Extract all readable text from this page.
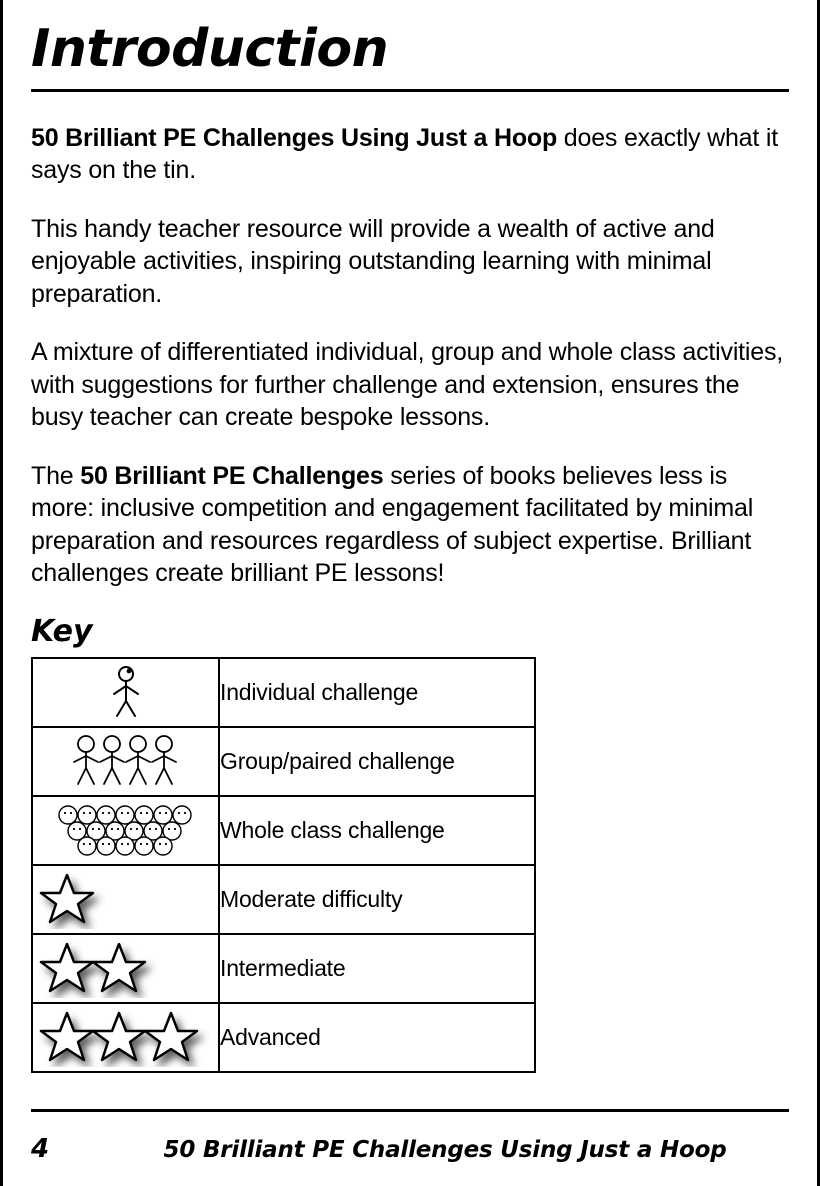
Introduction

50 Brilliant PE Challenges Using Just a Hoop does exactly what it says on the tin.

This handy teacher resource will provide a wealth of active and enjoyable activities, inspiring outstanding learning with minimal preparation.

A mixture of differentiated individual, group and whole class activities, with suggestions for further challenge and extension, ensures the busy teacher can create bespoke lessons.

The 50 Brilliant PE Challenges series of books believes less is more: inclusive competition and engagement facilitated by minimal preparation and resources regardless of subject expertise. Brilliant challenges create brilliant PE lessons!

Key
	Individual challenge

	Group/paired challenge

	Whole class challenge

	Moderate difficulty

	Intermediate

	Advanced
4	50 Brilliant PE Challenges Using Just a Hoop
